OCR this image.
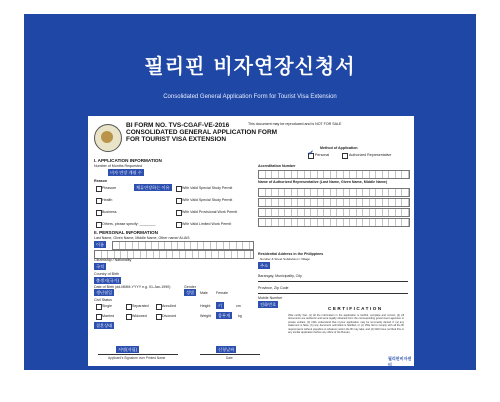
필리핀 비자연장신청서
Consolidated General Application Form for Tourist Visa Extension
BI FORM NO. TVS-CGAF-VE-2016
CONSOLIDATED GENERAL APPLICATION FORM
FOR TOURIST VISA EXTENSION
This document may be reproduced and is NOT FOR SALE
Method of Application
✔
Personal	Authorized Representative
I. APPLICATION INFORMATION
Number of Months Requested
비자 연장 개월 수
Reason
체류연장하는 이유
Pleasure
Health
Business
Others, please specify: ________
With Valid Special Study Permit
With Valid Special Study Permit
With Valid Provisional Work Permit
With Valid Limited Work Permit
Accreditation Number
Name of Authorized Representative (Last Name, Given Name, Middle Name)
II. PERSONAL INFORMATION
Last Name, Given Name, Middle Name, Other name/ ALIAS
이름
Citizenship / Nationality
국적
Country of Birth
출생지(국가)
Date of Birth (dd-MMM-YYYY e.g. 01-Jan-1990)
생년월일
Gender
성별	Male Female
Civil Status
Single	Separated	Annulled
Married	Widowed	Divorced
결혼상태
Height	키	cm
Weight	몸무게	kg
Residential Address in the Philippines
Number & Street Subdivision / Village
주소
Barangay, Municipality, City
Province, Zip Code
Mobile Number
전화번호
CERTIFICATION
I/We certify that: (1) All the information in the application is truthful, complete and correct; (2) All documents are authentic and were legally obtained from the corresponding government agencies or private entities; (3) I/We understand that my/our application may be summarily denied if: (a) any statement is false; (b) any document submitted is falsified; or (c) I/We fail to comply with all the BI requirements without prejudice to whatever action the BI may take; and (4) I/We have not filed this or any similar application before any office of the Bureau.
서명(자필)
Applicant's Signature over Printed Name
신청날짜
Date	필리핀비자센터
